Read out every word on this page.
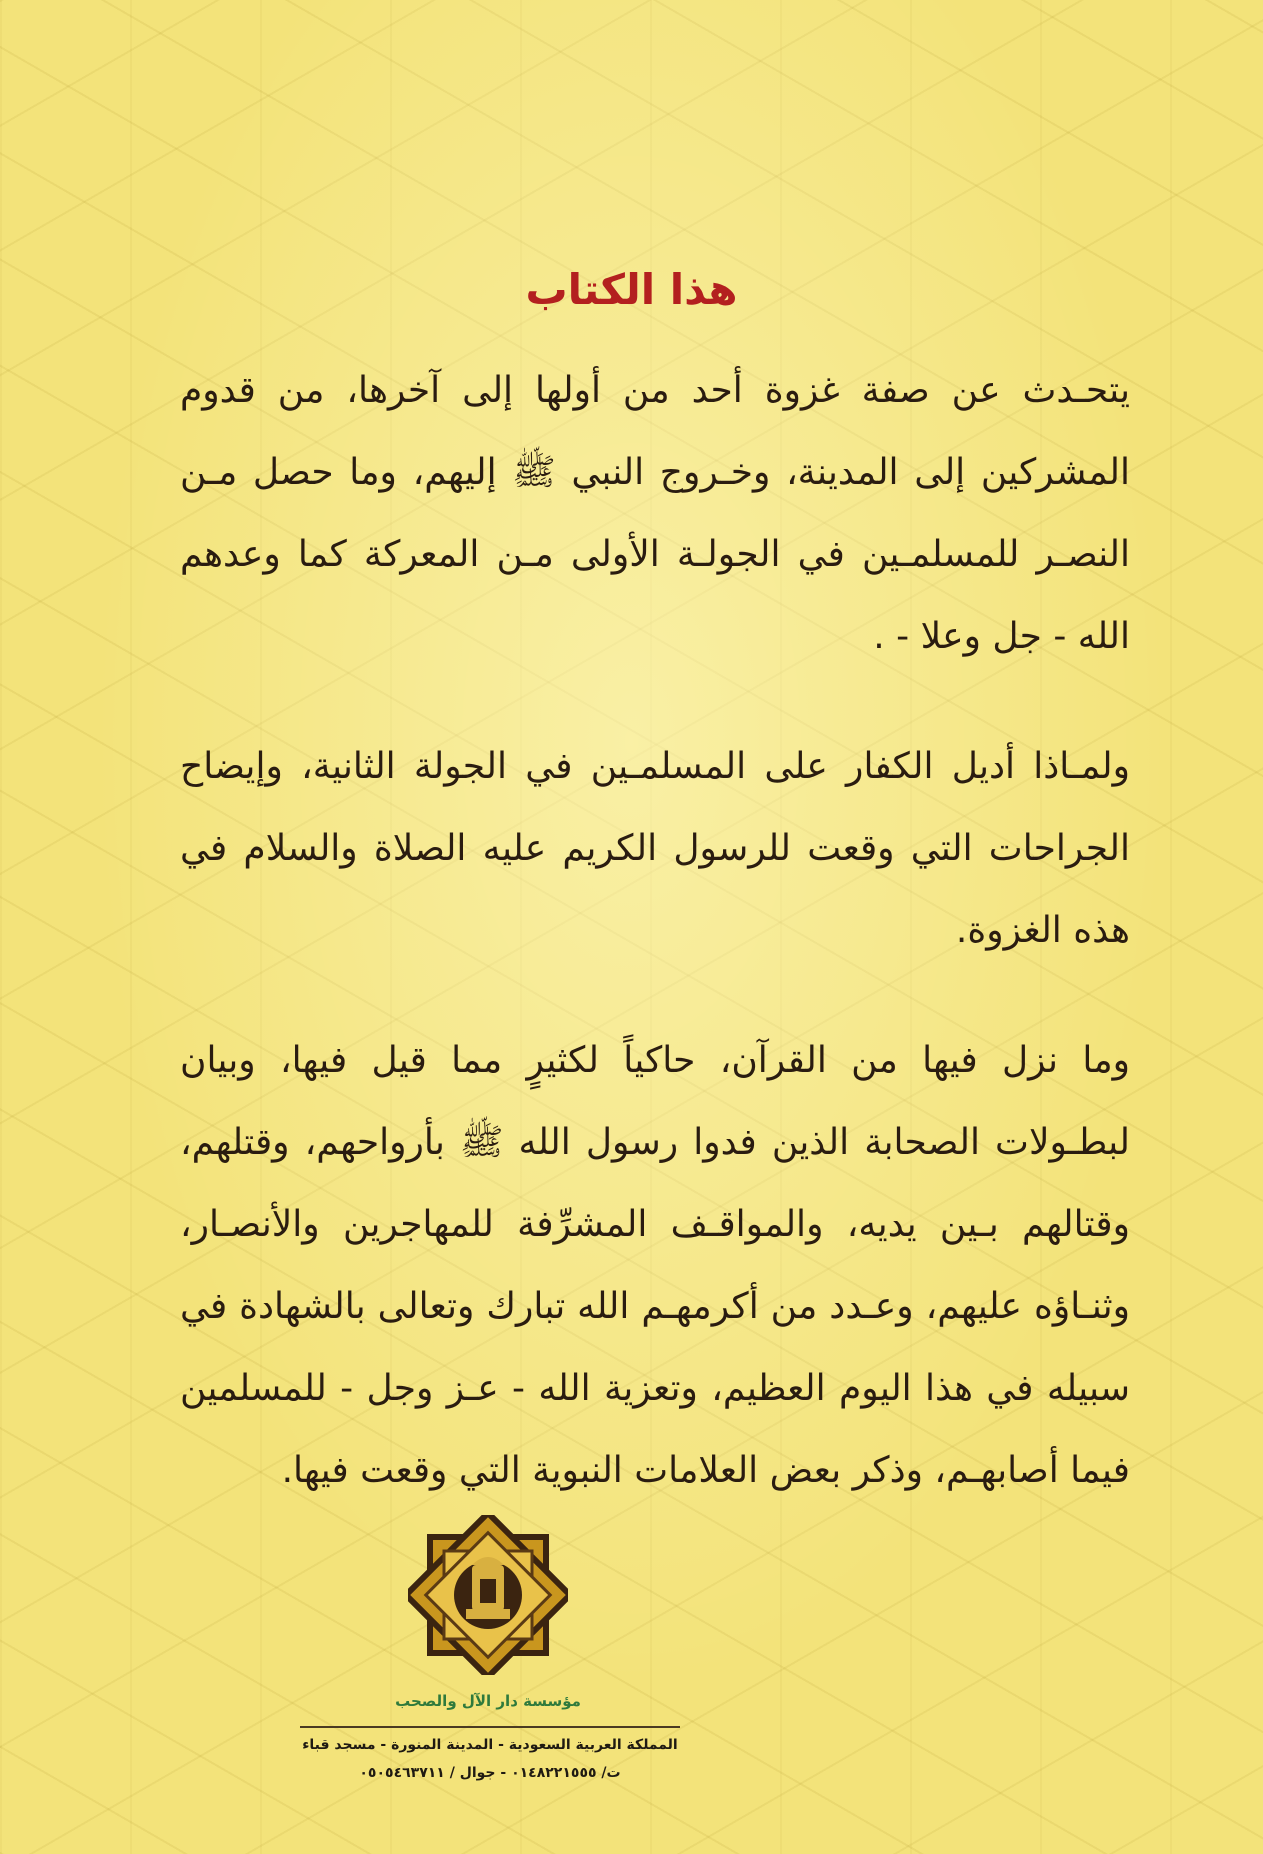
هذا الكتاب

يتحـدث عن صفة غزوة أحد من أولها إلى آخرها، من قدوم المشركين إلى المدينة، وخـروج النبي ﷺ إليهم، وما حصل مـن النصـر للمسلمـين في الجولـة الأولى مـن المعركة كما وعدهم الله - جل وعلا - .

ولمـاذا أديل الكفار على المسلمـين في الجولة الثانية، وإيضاح الجراحات التي وقعت للرسول الكريم عليه الصلاة والسلام في هذه الغزوة.

وما نزل فيها من القرآن، حاكياً لكثيرٍ مما قيل فيها، وبيان لبطـولات الصحابة الذين فدوا رسول الله ﷺ بأرواحهم، وقتلهم، وقتالهم بـين يديه، والمواقـف المشرِّفة للمهاجرين والأنصـار، وثنـاؤه عليهم، وعـدد من أكرمهـم الله تبارك وتعالى بالشهادة في سبيله في هذا اليوم العظيم، وتعزية الله - عـز وجل - للمسلمين فيما أصابهـم، وذكر بعض العلامات النبوية التي وقعت فيها.

مؤسسة دار الآل والصحب
المملكة العربية السعودية - المدينة المنورة - مسجد قباء
ت/ ٠١٤٨٢٢١٥٥٥ - جوال / ٠٥٠٥٤٦٣٧١١
